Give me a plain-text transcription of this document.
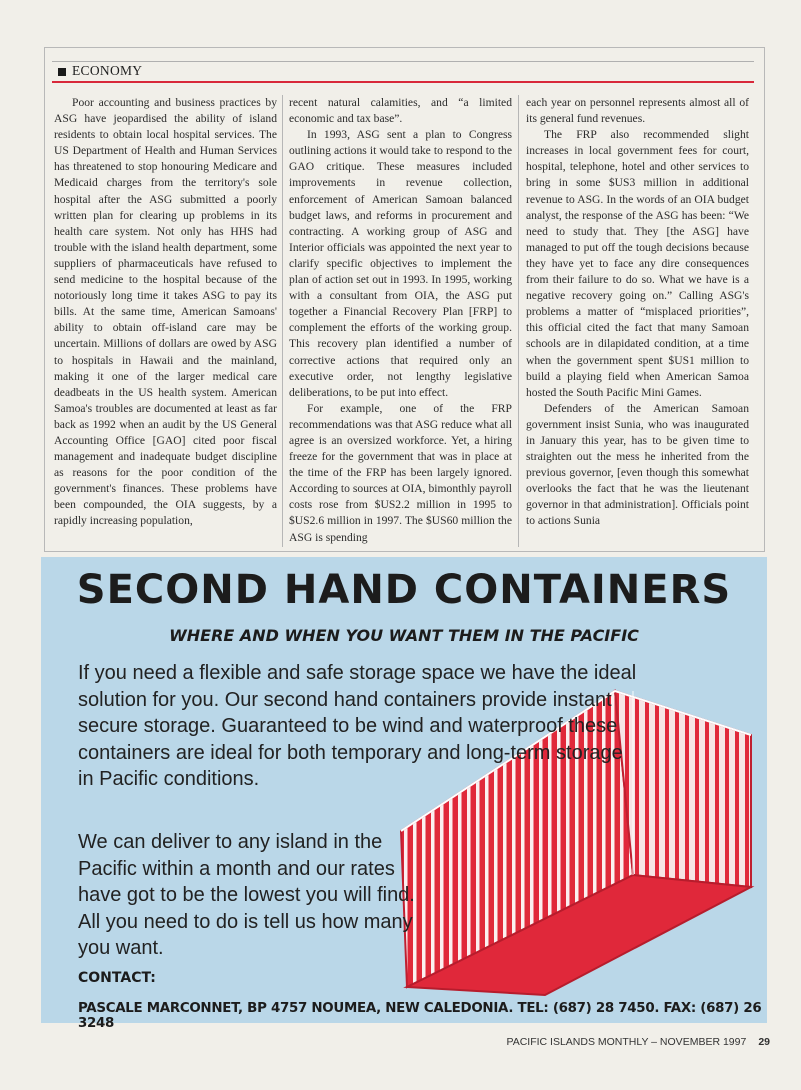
ECONOMY

Poor accounting and business practices by ASG have jeopardised the ability of island residents to obtain local hospital services. The US Department of Health and Human Services has threatened to stop honouring Medicare and Medicaid charges from the territory's sole hospital after the ASG submitted a poorly written plan for clearing up problems in its health care system. Not only has HHS had trouble with the island health department, some suppliers of pharmaceuticals have refused to send medicine to the hospital because of the notoriously long time it takes ASG to pay its bills. At the same time, American Samoans' ability to obtain off-island care may be uncertain. Millions of dollars are owed by ASG to hospitals in Hawaii and the mainland, making it one of the larger medical care deadbeats in the US health system. American Samoa's troubles are documented at least as far back as 1992 when an audit by the US General Accounting Office [GAO] cited poor fiscal management and inadequate budget discipline as reasons for the poor condition of the government's finances. These problems have been compounded, the OIA suggests, by a rapidly increasing population,

recent natural calamities, and “a limited economic and tax base”.

In 1993, ASG sent a plan to Congress outlining actions it would take to respond to the GAO critique. These measures included improvements in revenue collection, enforcement of American Samoan balanced budget laws, and reforms in procurement and contracting. A working group of ASG and Interior officials was appointed the next year to clarify specific objectives to implement the plan of action set out in 1993. In 1995, working with a consultant from OIA, the ASG put together a Financial Recovery Plan [FRP] to complement the efforts of the working group. This recovery plan identified a number of corrective actions that required only an executive order, not lengthy legislative deliberations, to be put into effect.

For example, one of the FRP recommendations was that ASG reduce what all agree is an oversized workforce. Yet, a hiring freeze for the government that was in place at the time of the FRP has been largely ignored. According to sources at OIA, bimonthly payroll costs rose from $US2.2 million in 1995 to $US2.6 million in 1997. The $US60 million the ASG is spending

each year on personnel represents almost all of its general fund revenues.

The FRP also recommended slight increases in local government fees for court, hospital, telephone, hotel and other services to bring in some $US3 million in additional revenue to ASG. In the words of an OIA budget analyst, the response of the ASG has been: “We need to study that. They [the ASG] have managed to put off the tough decisions because they have yet to face any dire consequences from their failure to do so. What we have is a negative recovery going on.” Calling ASG's problems a matter of “misplaced priorities”, this official cited the fact that many Samoan schools are in dilapidated condition, at a time when the government spent $US1 million to build a playing field when American Samoa hosted the South Pacific Mini Games.

Defenders of the American Samoan government insist Sunia, who was inaugurated in January this year, has to be given time to straighten out the mess he inherited from the previous governor, [even though this somewhat overlooks the fact that he was the lieutenant governor in that administration]. Officials point to actions Sunia

SECOND HAND CONTAINERS
WHERE AND WHEN YOU WANT THEM IN THE PACIFIC

If you need a flexible and safe storage space we have the ideal solution for you. Our second hand containers provide instant secure storage. Guaranteed to be wind and waterproof these containers are ideal for both temporary and long-term storage in Pacific conditions.

We can deliver to any island in the Pacific within a month and our rates have got to be the lowest you will find. All you need to do is tell us how many you want.

CONTACT:
PASCALE MARCONNET, BP 4757 NOUMEA, NEW CALEDONIA. TEL: (687) 28 7450. FAX: (687) 26 3248
PACIFIC ISLANDS MONTHLY – NOVEMBER 1997 29
